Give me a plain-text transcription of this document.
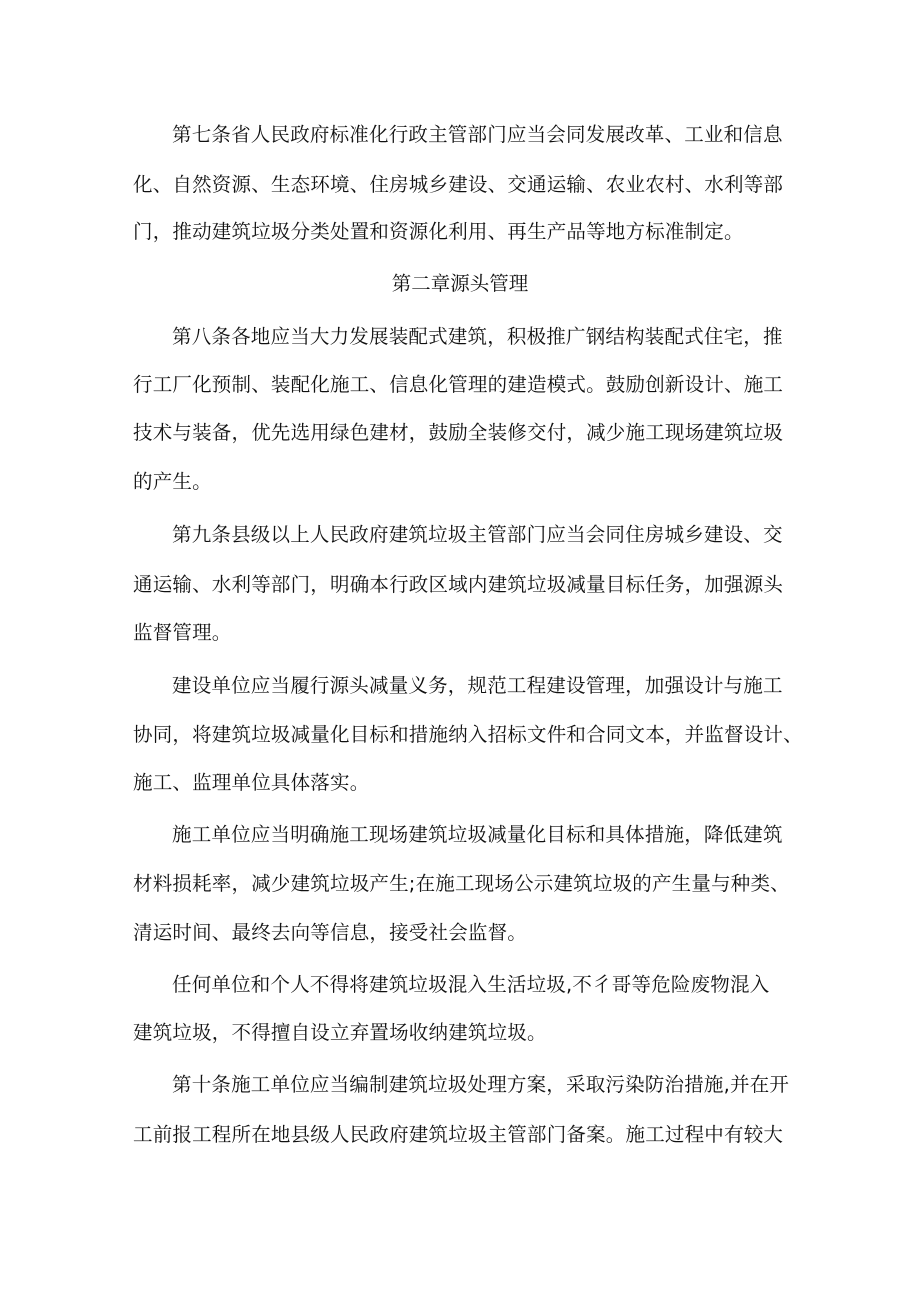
第七条省人民政府标准化行政主管部门应当会同发展改革、工业和信息
化、自然资源、生态环境、住房城乡建设、交通运输、农业农村、水利等部
门，推动建筑垃圾分类处置和资源化利用、再生产品等地方标准制定。
第二章源头管理
第八条各地应当大力发展装配式建筑，积极推广钢结构装配式住宅，推
行工厂化预制、装配化施工、信息化管理的建造模式。鼓励创新设计、施工
技术与装备，优先选用绿色建材，鼓励全装修交付，减少施工现场建筑垃圾
的产生。
第九条县级以上人民政府建筑垃圾主管部门应当会同住房城乡建设、交
通运输、水利等部门，明确本行政区域内建筑垃圾减量目标任务，加强源头
监督管理。
建设单位应当履行源头减量义务，规范工程建设管理，加强设计与施工
协同，将建筑垃圾减量化目标和措施纳入招标文件和合同文本，并监督设计、
施工、监理单位具体落实。
施工单位应当明确施工现场建筑垃圾减量化目标和具体措施，降低建筑
材料损耗率，减少建筑垃圾产生;在施工现场公示建筑垃圾的产生量与种类、
清运时间、最终去向等信息，接受社会监督。
任何单位和个人不得将建筑垃圾混入生活垃圾,不彳哥等危险废物混入
建筑垃圾，不得擅自设立弃置场收纳建筑垃圾。
第十条施工单位应当编制建筑垃圾处理方案，采取污染防治措施,并在开
工前报工程所在地县级人民政府建筑垃圾主管部门备案。施工过程中有较大
